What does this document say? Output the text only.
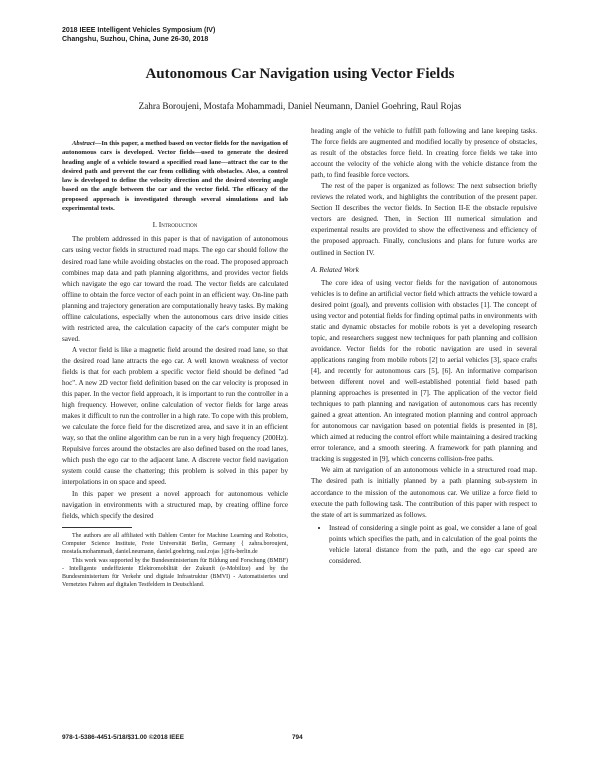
2018 IEEE Intelligent Vehicles Symposium (IV)
Changshu, Suzhou, China, June 26-30, 2018
Autonomous Car Navigation using Vector Fields
Zahra Boroujeni, Mostafa Mohammadi, Daniel Neumann, Daniel Goehring, Raul Rojas

Abstract—In this paper, a method based on vector fields for the navigation of autonomous cars is developed. Vector fields—used to generate the desired heading angle of a vehicle toward a specified road lane—attract the car to the desired path and prevent the car from colliding with obstacles. Also, a control law is developed to define the velocity direction and the desired steering angle based on the angle between the car and the vector field. The efficacy of the proposed approach is investigated through several simulations and lab experimental tests.

I. Introduction

The problem addressed in this paper is that of navigation of autonomous cars using vector fields in structured road maps. The ego car should follow the desired road lane while avoiding obstacles on the road. The proposed approach combines map data and path planning algorithms, and provides vector fields which navigate the ego car toward the road. The vector fields are calculated offline to obtain the force vector of each point in an efficient way. On-line path planning and trajectory generation are computationally heavy tasks. By making offline calculations, especially when the autonomous cars drive inside cities with restricted area, the calculation capacity of the car's computer might be saved.

A vector field is like a magnetic field around the desired road lane, so that the desired road lane attracts the ego car. A well known weakness of vector fields is that for each problem a specific vector field should be defined "ad hoc". A new 2D vector field definition based on the car velocity is proposed in this paper. In the vector field approach, it is important to run the controller in a high frequency. However, online calculation of vector fields for large areas makes it difficult to run the controller in a high rate. To cope with this problem, we calculate the force field for the discretized area, and save it in an efficient way, so that the online algorithm can be run in a very high frequency (200Hz). Repulsive forces around the obstacles are also defined based on the road lanes, which push the ego car to the adjacent lane. A discrete vector field navigation system could cause the chattering; this problem is solved in this paper by interpolations in on space and speed.

In this paper we present a novel approach for autonomous vehicle navigation in environments with a structured map, by creating offline force fields, which specify the desired

The authors are all affiliated with Dahlem Center for Machine Learning and Robotics, Computer Science Institute, Freie Universität Berlin, Germany { zahra.boroujeni, mostafa.mohammadi, daniel.neumann, daniel.goehring, raul.rojas }@fu-berlin.de

This work was supported by the Bundesministerium für Bildung und Forschung (BMBF) - Intelligente undeffiziente Elektromobilität der Zukunft (e-Mobilize) and by the Bundesministerium für Verkehr und digitale Infrastruktur (BMVI) - Automatisiertes und Vernetztes Fahren auf digitalen Testfeldern in Deutschland.

heading angle of the vehicle to fulfill path following and lane keeping tasks. The force fields are augmented and modified locally by presence of obstacles, as result of the obstacles force field. In creating force fields we take into account the velocity of the vehicle along with the vehicle distance from the path, to find feasible force vectors.

The rest of the paper is organized as follows: The next subsection briefly reviews the related work, and highlights the contribution of the present paper. Section II describes the vector fields. In Section II-E the obstacle repulsive vectors are designed. Then, in Section III numerical simulation and experimental results are provided to show the effectiveness and efficiency of the proposed approach. Finally, conclusions and plans for future works are outlined in Section IV.

A. Related Work

The core idea of using vector fields for the navigation of autonomous vehicles is to define an artificial vector field which attracts the vehicle toward a desired point (goal), and prevents collision with obstacles [1]. The concept of using vector and potential fields for finding optimal paths in environments with static and dynamic obstacles for mobile robots is yet a developing research topic, and researchers suggest new techniques for path planning and collision avoidance. Vector fields for the robotic navigation are used in several applications ranging from mobile robots [2] to aerial vehicles [3], space crafts [4], and recently for autonomous cars [5], [6]. An informative comparison between different novel and well-established potential field based path planning approaches is presented in [7]. The application of the vector field techniques to path planning and navigation of autonomous cars has recently gained a great attention. An integrated motion planning and control approach for autonomous car navigation based on potential fields is presented in [8], which aimed at reducing the control effort while maintaining a desired tracking error tolerance, and a smooth steering. A framework for path planning and tracking is suggested in [9], which concerns collision-free paths.

We aim at navigation of an autonomous vehicle in a structured road map. The desired path is initially planned by a path planning sub-system in accordance to the mission of the autonomous car. We utilize a force field to execute the path following task. The contribution of this paper with respect to the state of art is summarized as follows.

• Instead of considering a single point as goal, we consider a lane of goal points which specifies the path, and in calculation of the goal points the vehicle lateral distance from the path, and the ego car speed are considered.
978-1-5386-4451-5/18/$31.00 ©2018 IEEE	794
